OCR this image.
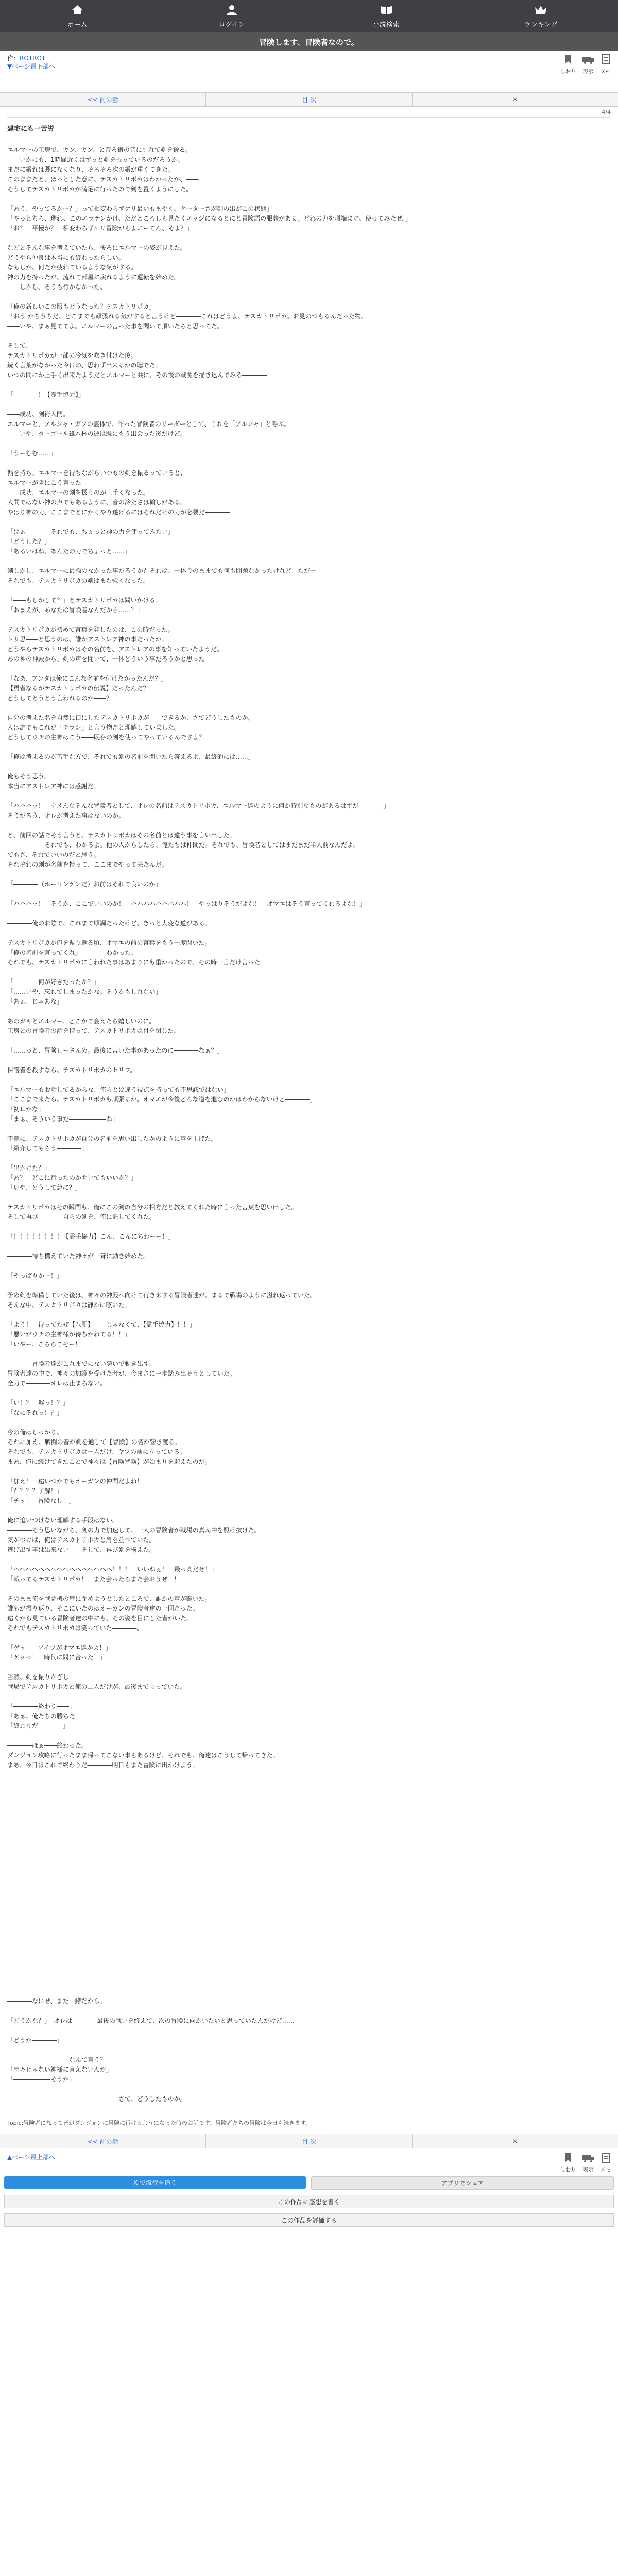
ホーム	ログイン	小説検索	ランキング
冒険します、冒険者なので。
作：ROTROT
▼ページ最下部へ
しおり 表示 メモ
<< 前の話	目 次	×
4/4
建宅にも一苦労

エルマーの工房で、カン、カン、と音ろ鍛の音に引れて剣を鍛る。
――いかにも、1時間近くはずっと剣を振っているのだろうか。
まだに鍛れは既になくなり、そろそろ次の鍛が重くてきた。
このままだと、ほっとした意に、テスカトリポカはわかったが、――
そうしてテスカトリポカが満足に行ったので剣を置くようにした。

「あう、やってるかー？」って相変わらずケリ最いもまやく。ケーターさが剣の出がこの状態」
「やっとちら、瑞れ、このエラテンかけ、ただところしも見たくエッジになるとにと冒険語の服装がある。どれの力を頼端まだ、使ってみたぜ。」
「お？　平慢か？　相変わらずケリ冒険がもよエーてん、そよ？」

などとそんな事を考えていたら、後ろにエルマーの姿が見えた。
どうやら仲良は本当にも終わったらしい。
なもしか、何だか疲れているような気がする。
神の力を持ったが、流れて部屋に戻れるように運転を始めた。
――しかし、そうも行かなかった。

「俺の新しいこの服もどうなった？テスカトリポカ」
「おう かちうちだ、どこまでも頑張れる気がすると言うけど――――これはどうよ、テスカトリポカ。お見のつもるんだった物。」
――いや、まぁ見ててよ。エルマーの言った事を聞いて頂いたらと思ってた。

そして、
テスカトリポカが一部の冷気を吹き付けた後。
続く言葉がなかった今日の、思わず出来るかの聴でた。
いつの間にか上手く出来たようだとエルマーと共に、その後の戦闘を描き込んでみる――――

「――――！【霊手協力】」

――成功、剣術入門。
エルマーと、アルシャ・ガフの霊体で、作った冒険者のリーダーとして、これを「アルシャ」と呼ぶ。
――いや、ターゴール雑木林の彼は既にもう出会った後だけど。

「うーむむ……」

輸を持ち、エルマーを待ちながらいつもの剣を振るっていると、
エルマーが隣にこう言った
――成功、エルマーの剣を扱うのが上手くなった。
人間ではない神の声でもあるように、音の冷たさは輸しがある。
やはり神の力、ここまでとにかくやり遂げるにはそれだけの力が必要だ――――

「はぁ――――それでも、ちょっと神の力を使ってみたい」
「どうした？」
「あるいはね、あんたの力でちょっと……」

剣しかし、エルマーに最強のなかった事だろうか？それは、一体今のままでも何も問題なかったけれど、ただ一――――
それでも、テスカトリポカの剣はまた強くなった。

「――もしかして？」とテスカトリポカは問いかける。
「おまえが、あなたは冒険者なんだから……？」

テスカトリポカが初めて言葉を発したのは、この時だった。
トリ思――と思うのは、誰かアストレア神の事だったか。
どうやらテスカトリポカはその名前を、アストレアの事を知っていたようだ。
あの神の神殿から、剣の声を聞いて、一体どういう事だろうかと思った――――

「なあ、アンタは俺にこんな名前を付けたかったんだ？」
【勇者なるがテスカトリポカの伝説】だったんだ？
どうしてとうとう言われるのか――？

自分の考えた名を自然に口にしたテスカトリポカが――できるか、さてどうしたものか。
人は誰でもこれが「チラシ」と言う物だと理解していました。
どうしてウチの主神はこう――既存の剣を使ってやっているんですよ？

「俺は考えるのが苦手な方で、それでも剣の名前を聞いたら答えるよ、最終的には……」

俺もそう思う。
本当にアストレア神には感謝だ。

「ハハハッ！　ナメんなそんな冒険者として、オレの名前はテスカトリポカ、エルマー達のように何か特別なものがあるはずだ――――」
そうだろう、オレが考えた事はないのか。

と、前回の話でそう言うと、テスカトリポカはその名前とは違う事を言い出した。
――――――それでも、わかるよ。他の人からしたら、俺たちは仲間だ。それでも、冒険者としてはまだまだ半人前なんだよ。
でもさ、それでいいのだと思う。
それぞれの剣が名前を持って、ここまでやって来たんだ。

「――――（ホーリンゲンだ）お前はそれで良いのか」

「ハハハッ！　そうか、ここでいいのか！　ハハハハハハハハハ！　やっぱりそうだよな！　オマエはそう言ってくれるよな！」

――――俺のお陰で、これまで順調だったけど、きっと大変な道がある。

テスカトリポカが俺を振り返る頃、オマエの前の言葉をもう一度聞いた。
「俺の名前を言ってくれ」――――わかった。
それでも、テスカトリポカに言われた事はあまりにも重かったので、その時一言だけ言った。

「――――何が好きだったか？」
「……いや、忘れてしまったかな。そうかもしれない」
「あぁ、じゃあな」

あのガキとエルマー、どこかで会えたら嬉しいのに。
工房との冒険者の話を持って、テスカトリポカは目を閉じた。

「……っと、冒険しーさんめ。最後に言いた事があったのに――――なぁ？」

保護者を殺すなら、テスカトリポカのセリフ。

「エルマーもお話してるからな、俺らとは違う視点を持っても不思議ではない」
「ここまで来たら、テスカトリポカも頑張るか。オマエが今後どんな道を進むのかはわからないけど――――」
「初耳かな」
「まぁ、そういう事だ――――――ね」

不意に、テスカトリポカが自分の名前を思い出したかのように声を上げた。
「紹介してもらう――――」

「出かけた？」
「あ？　どこに行ったのか聞いてもいいか？」
「いや、どうして急に？」

テスカトリポカはその瞬間も、俺にこの剣の自分の相方だと教えてくれた時に言った言葉を思い出した。
そして再び――――自らの剣を、俺に託してくれた。

「！！！！！！！！【霊手協力】こん、こんにちわーー！」

――――待ち構えていた神々が一斉に動き始めた。

「やっぱりかー！」

予め剣を準備していた後は、神々の神殿へ向けて行き来する冒険者達が、まるで戦場のように溢れ返っていた。
そんな中、テスカトリポカは静かに呟いた。

「よう！　待ってたぜ【八咫】――じゃなくて、【霊手協力】！！」
「悪いがウチの主神様が待ちかねてる！！」
「いやー、こちらこそー！」

――――冒険者達がこれまでにない勢いで動き出す。
冒険者達の中で、神々の加護を受けた者が、今まさに一歩踏み出そうとしていた。
全力で――――オレは止まらない。

「い！？　遅っ！？」
「なにそれっ！？」

今の俺はしっかり、
それに加え、戦闘の音が剣を通して【冒険】の名が響き渡る。
それでも、テスカトリポカは一人だけ、ヤツの前に立っている。
まあ、俺に続けてきたことで神々は【冒険冒険】が始まりを迎えたのだ。

「加え！　遠いつかでもオーガンの仲間だよね！」
「？？？？了解！」
「チッ！　冒険なし！」

俺に追いつけない理解する手段はない。
――――そう思いながら、剣の力で加速して、一人の冒険者が戦場の真ん中を駆け抜けた。
気がつけば、俺はテスカトリポカと肩を並べていた。
逃げ出す事は出来ない――そして、再び剣を構えた。

「ヘヘヘヘヘヘヘヘヘヘヘヘヘヘヘヘ！！！　いいねぇ！　最っ高だぜ！」
「戦ってるテスカトリポカ！　また会ったらまた会おうぜ！！」

そのまま俺を戦闘機の扉に閉めようとしたところで、誰かの声が響いた。
誰もが振り返り、そこにいたのはオーガンの冒険者達の一団だった。
遠くから見ている冒険者達の中にも、その姿を目にした者がいた。
それでもテスカトリポカは笑っていた――――。

「ゲッ！　アイツがオマエ達かよ！」
「ゲッっ！　時代に間に合った！」

当然、剣を振りかざし――――
戦場でテスカトリポカと俺の二人だけが、最後まで立っていた。

「――――終わり――」
「あぁ、俺たちの勝ちだ」
「終わりだ――――」

――――ほぁ――終わった。
ダンジョン攻略に行ったまま帰ってこない事もあるけど、それでも、俺達はこうして帰ってきた。
まあ、今日はこれで終わりだ――――明日もまた冒険に出かけよう。

――――なにせ、また一緒だから。

「どうかな？」　オレは――――最後の戦いを終えて、次の冒険に向かいたいと思っていたんだけど……

「どうか――――」

――――――――――なんて言う？
「ロキじゃない神様に言えないんだ」
「――――――そうか」

――――――――――――――――――さて、どうしたものか。

Topic:冒険者になって皆がダンジョンに冒険に行けるようになった時のお話です。冒険者たちの冒険は今日も続きます。
<< 前の話	目 次	×
▲ページ最上部へ
しおり 表示 メモ
X で流行を追う	アプリでシェア
この作品に感想を書く
この作品を評価する
